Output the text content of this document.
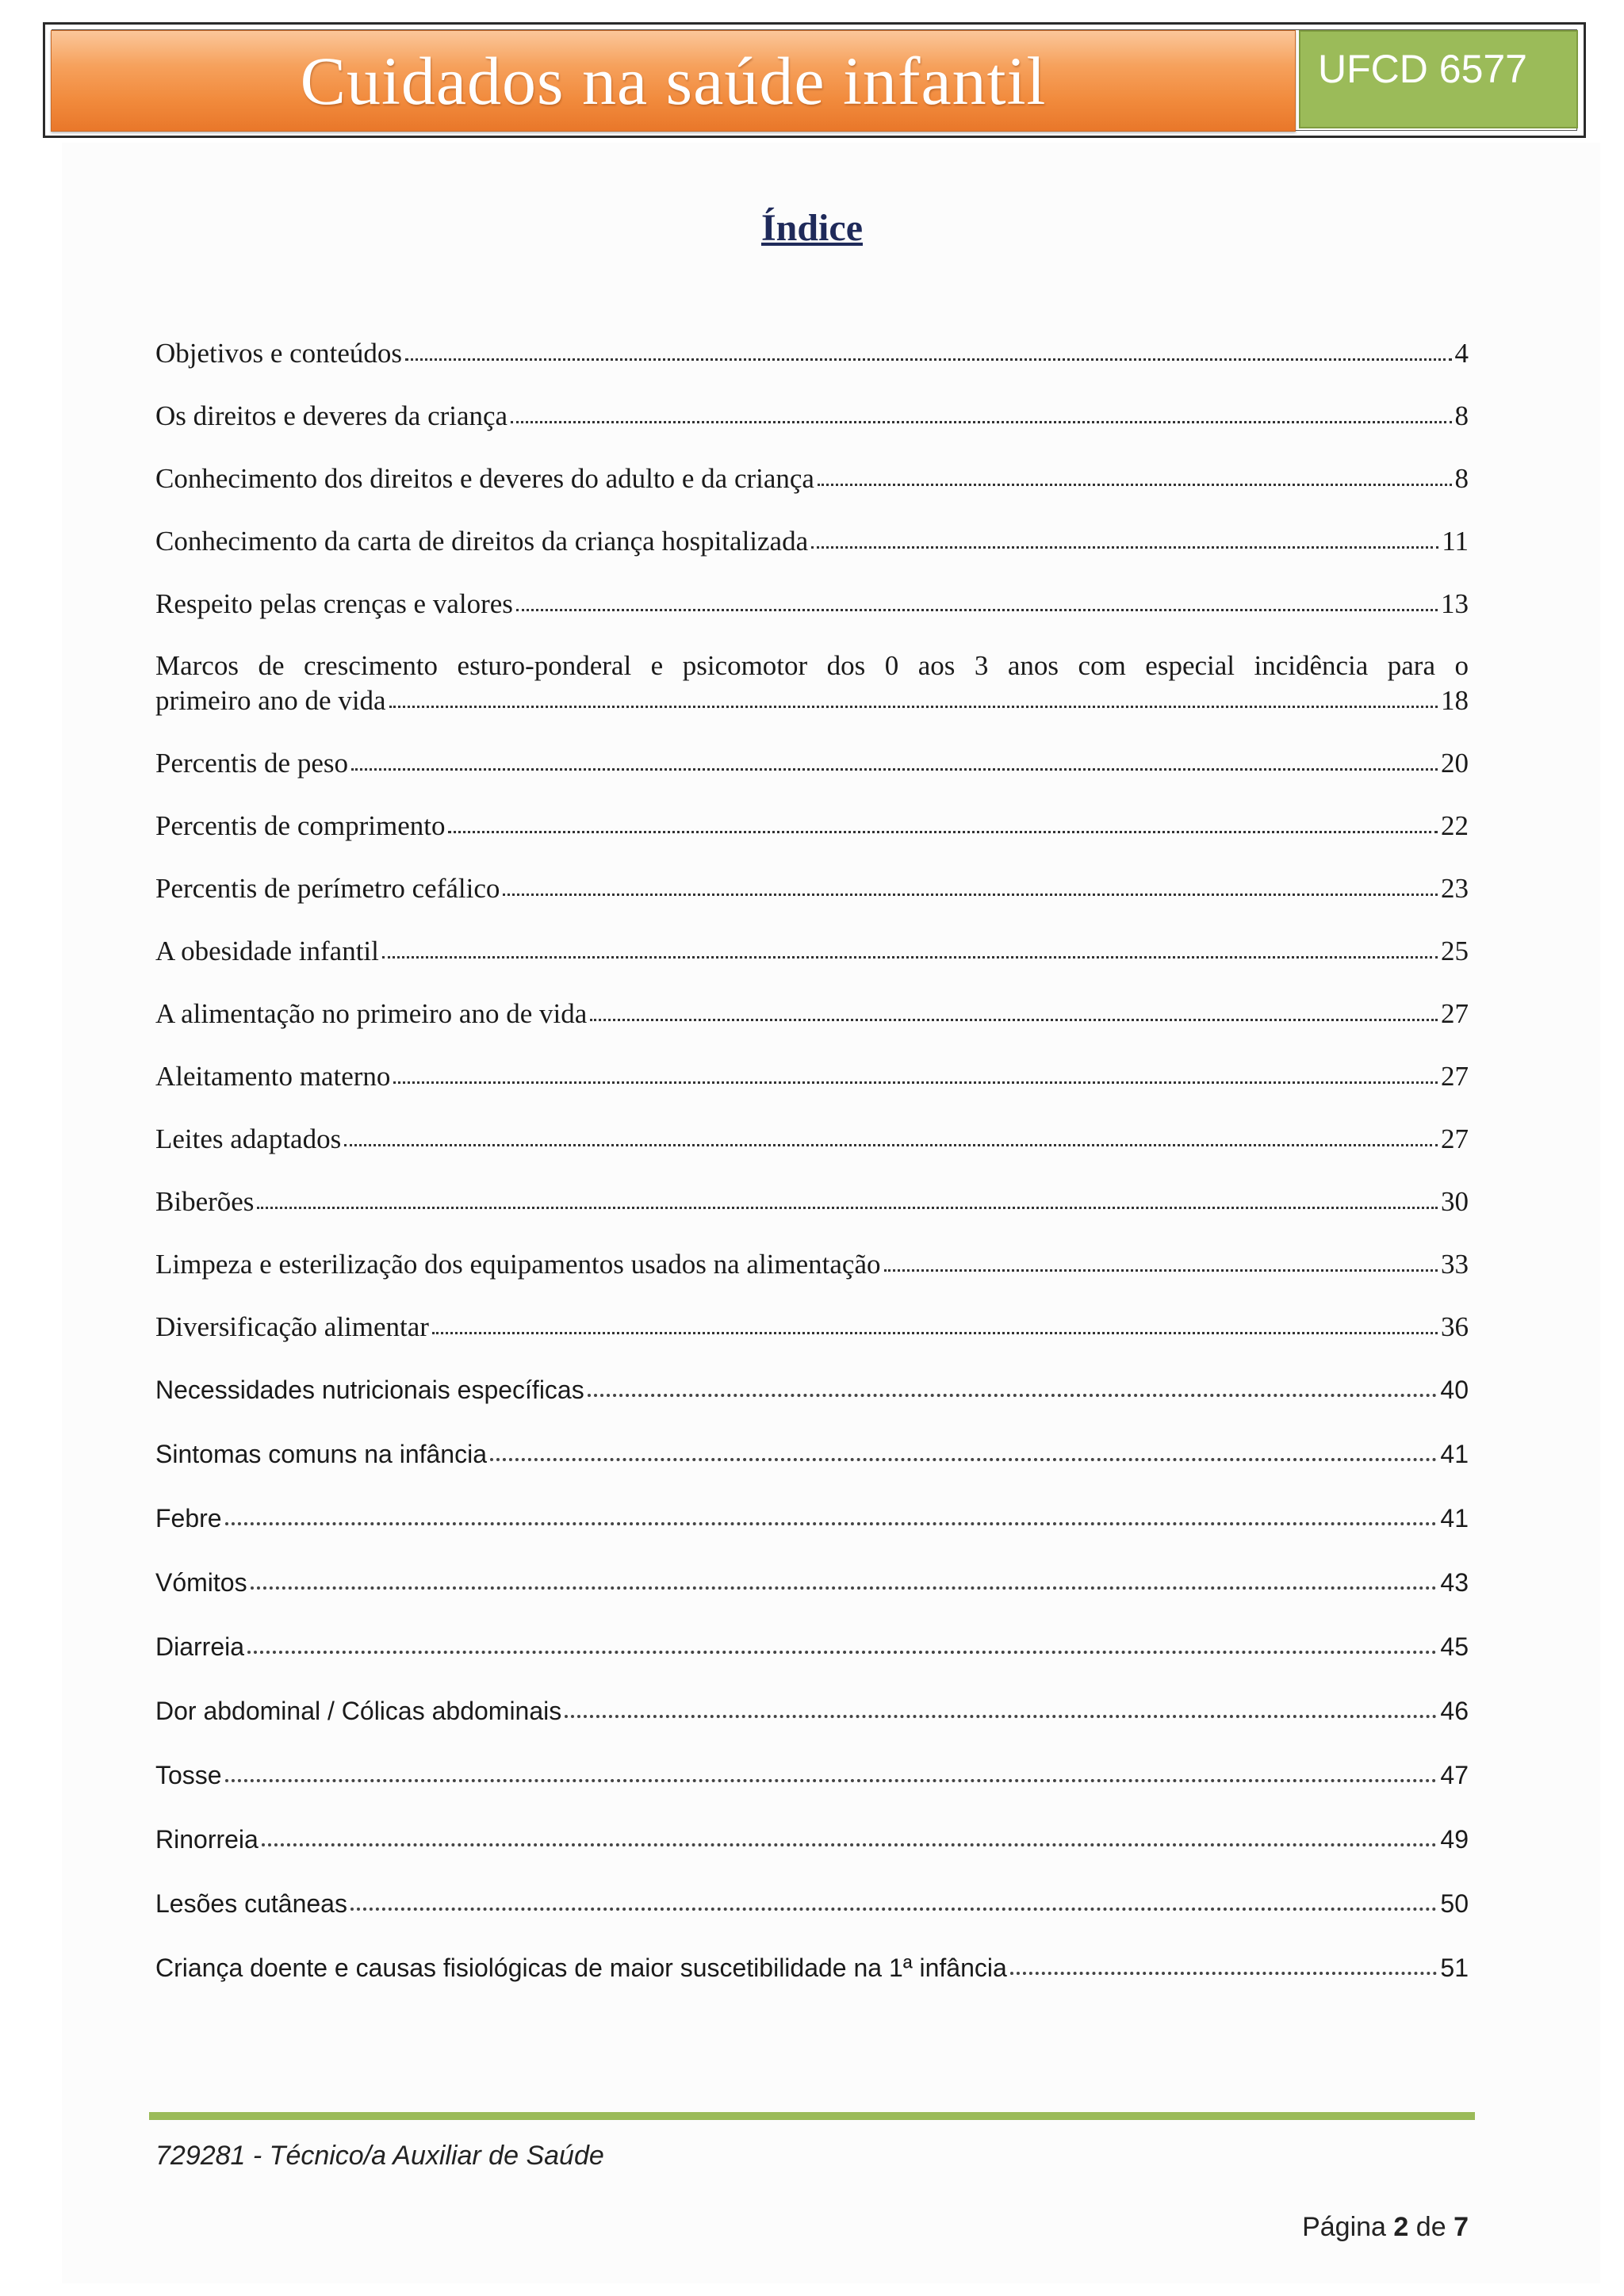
Cuidados na saúde infantil	UFCD 6577
Índice
Objetivos e conteúdos	4
Os direitos e deveres da criança	8
Conhecimento dos direitos e deveres do adulto e da criança	8
Conhecimento da carta de direitos da criança hospitalizada	11
Respeito pelas crenças e valores	13
Marcos de crescimento esturo-ponderal e psicomotor dos 0 aos 3 anos com especial incidência para o
primeiro ano de vida	18
Percentis de peso	20
Percentis de comprimento	22
Percentis de perímetro cefálico	23
A obesidade infantil	25
A alimentação no primeiro ano de vida	27
Aleitamento materno	27
Leites adaptados	27
Biberões	30
Limpeza e esterilização dos equipamentos usados na alimentação	33
Diversificação alimentar	36
Necessidades nutricionais específicas	40
Sintomas comuns na infância	41
Febre	41
Vómitos	43
Diarreia	45
Dor abdominal / Cólicas abdominais	46
Tosse	47
Rinorreia	49
Lesões cutâneas	50
Criança doente e causas fisiológicas de maior suscetibilidade na 1ª infância	51
729281 - Técnico/a Auxiliar de Saúde
Página 2 de 7
